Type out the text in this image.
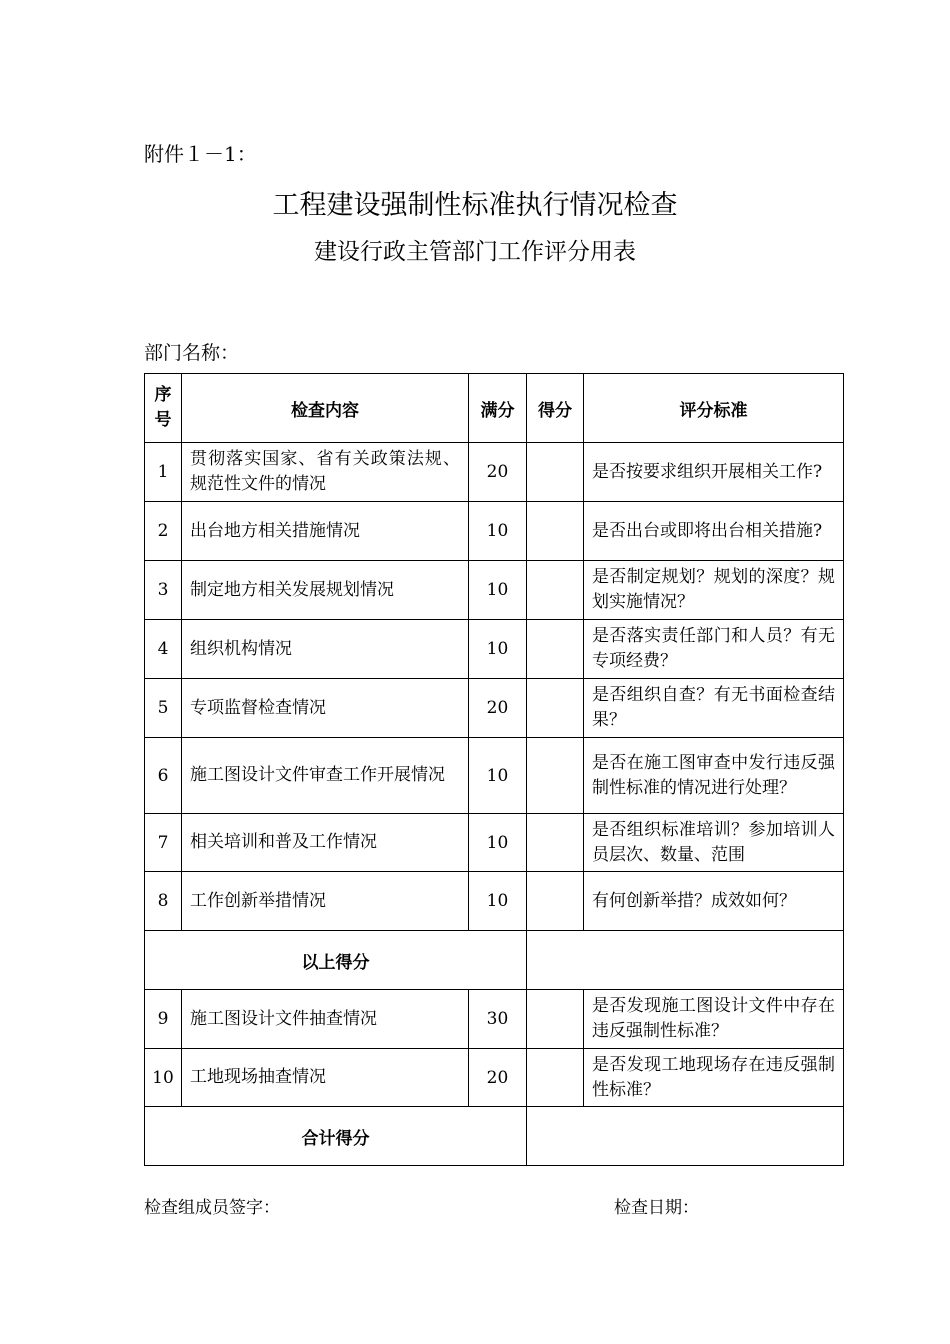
附件１－1：
工程建设强制性标准执行情况检查
建设行政主管部门工作评分用表
部门名称：
序号	检查内容	满分	得分	评分标准
1	贯彻落实国家、省有关政策法规、规范性文件的情况	20		是否按要求组织开展相关工作?
2	出台地方相关措施情况	10		是否出台或即将出台相关措施?
3	制定地方相关发展规划情况	10		是否制定规划？规划的深度？规划实施情况？
4	组织机构情况	10		是否落实责任部门和人员？有无专项经费？
5	专项监督检查情况	20		是否组织自查？有无书面检查结果？
6	施工图设计文件审查工作开展情况	10		是否在施工图审查中发行违反强制性标准的情况进行处理？
7	相关培训和普及工作情况	10		是否组织标准培训？参加培训人员层次、数量、范围
8	工作创新举措情况	10		有何创新举措？成效如何？
以上得分				
9	施工图设计文件抽查情况	30		是否发现施工图设计文件中存在违反强制性标准？
10	工地现场抽查情况	20		是否发现工地现场存在违反强制性标准？
合计得分				
检查组成员签字：	检查日期：
